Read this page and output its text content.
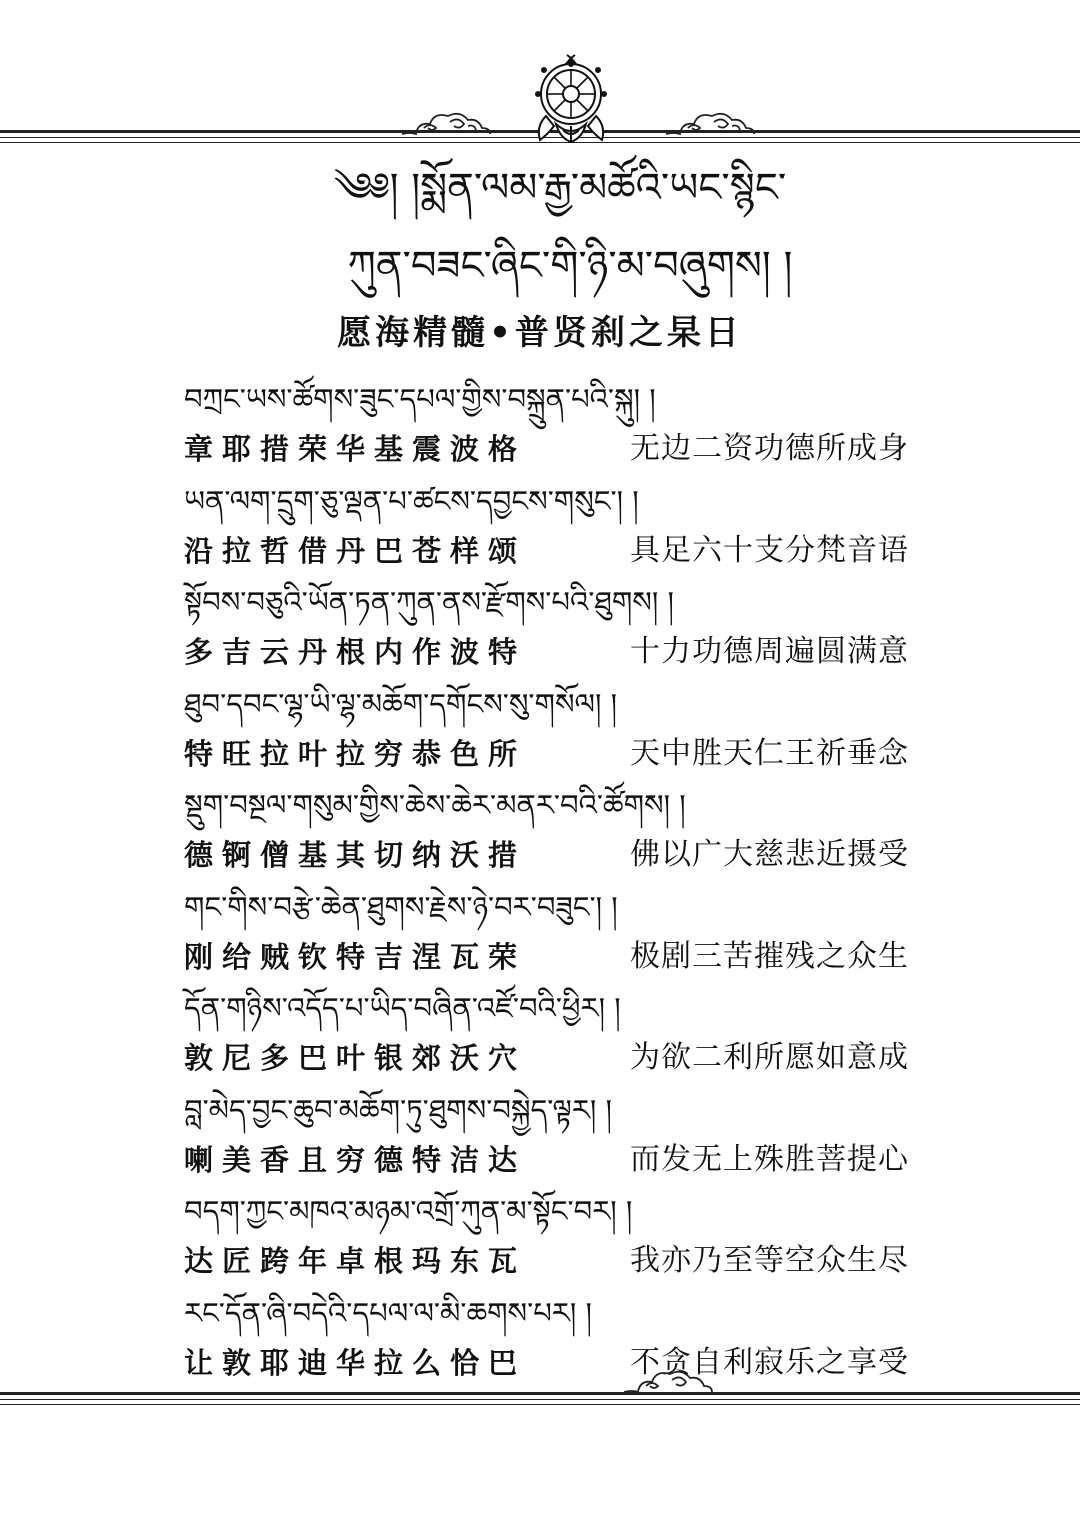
༄༅། །སྨོན་ལམ་རྒྱ་མཚོའི་ཡང་སྙིང་
ཀུན་བཟང་ཞིང་གི་ཉི་མ་བཞུགས། །
愿海精髓•普贤刹之杲日
བཀྲང་ཡས་ཚོགས་ཟུང་དཔལ་གྱིས་བསྐྲུན་པའི་སྐུ། །
章耶措荣华基震波格	无边二资功德所成身
ཡན་ལག་དྲུག་ཅུ་ལྡན་པ་ཚངས་དབྱངས་གསུང་། །
沿拉哲借丹巴苍样颂	具足六十支分梵音语
སྟོབས་བཅུའི་ཡོན་ཏན་ཀུན་ནས་རྫོགས་པའི་ཐུགས། །
多吉云丹根内作波特	十力功德周遍圆满意
ཐུབ་དབང་ལྷ་ཡི་ལྷ་མཆོག་དགོངས་སུ་གསོལ། །
特旺拉叶拉穷恭色所	天中胜天仁王祈垂念
སྡུག་བསྔལ་གསུམ་གྱིས་ཆེས་ཆེར་མནར་བའི་ཚོགས། །
德锕僧基其切纳沃措	佛以广大慈悲近摄受
གང་གིས་བརྩེ་ཆེན་ཐུགས་རྗེས་ཉེ་བར་བཟུང་། །
刚给贼钦特吉涅瓦荣	极剧三苦摧残之众生
དོན་གཉིས་འདོད་པ་ཡིད་བཞིན་འཛོ་བའི་ཕྱིར། །
敦尼多巴叶银郊沃穴	为欲二利所愿如意成
བླ་མེད་བྱང་ཆུབ་མཆོག་ཏུ་ཐུགས་བསྐྱེད་ལྟར། །
喇美香且穷德特洁达	而发无上殊胜菩提心
བདག་ཀྱང་མཁའ་མཉམ་འགྲོ་ཀུན་མ་སྟོང་བར། །
达匠跨年卓根玛东瓦	我亦乃至等空众生尽
རང་དོན་ཞི་བདེའི་དཔལ་ལ་མི་ཆགས་པར། །
让敦耶迪华拉么恰巴	不贪自利寂乐之享受
